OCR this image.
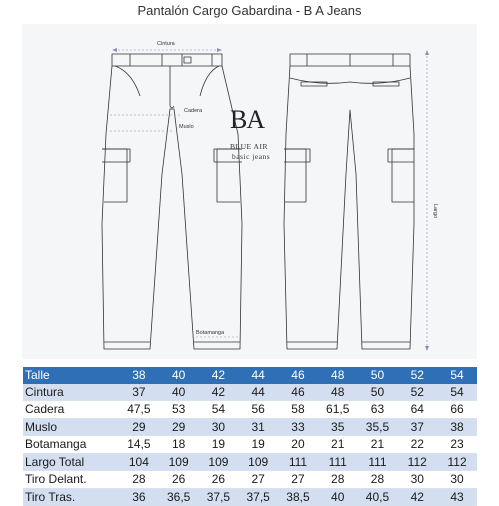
Pantalón Cargo Gabardina - B A Jeans
Cintura
Cadera
Muslo
Botamanga
Largo
BA
BLUE AIR
basic jeans
Talle	38	40	42	44	46	48	50	52	54
Cintura	37	40	42	44	46	48	50	52	54
Cadera	47,5	53	54	56	58	61,5	63	64	66
Muslo	29	29	30	31	33	35	35,5	37	38
Botamanga	14,5	18	19	19	20	21	21	22	23
Largo Total	104	109	109	109	111	111	111	112	112
Tiro Delant.	28	26	26	27	27	28	28	30	30
Tiro Tras.	36	36,5	37,5	37,5	38,5	40	40,5	42	43
